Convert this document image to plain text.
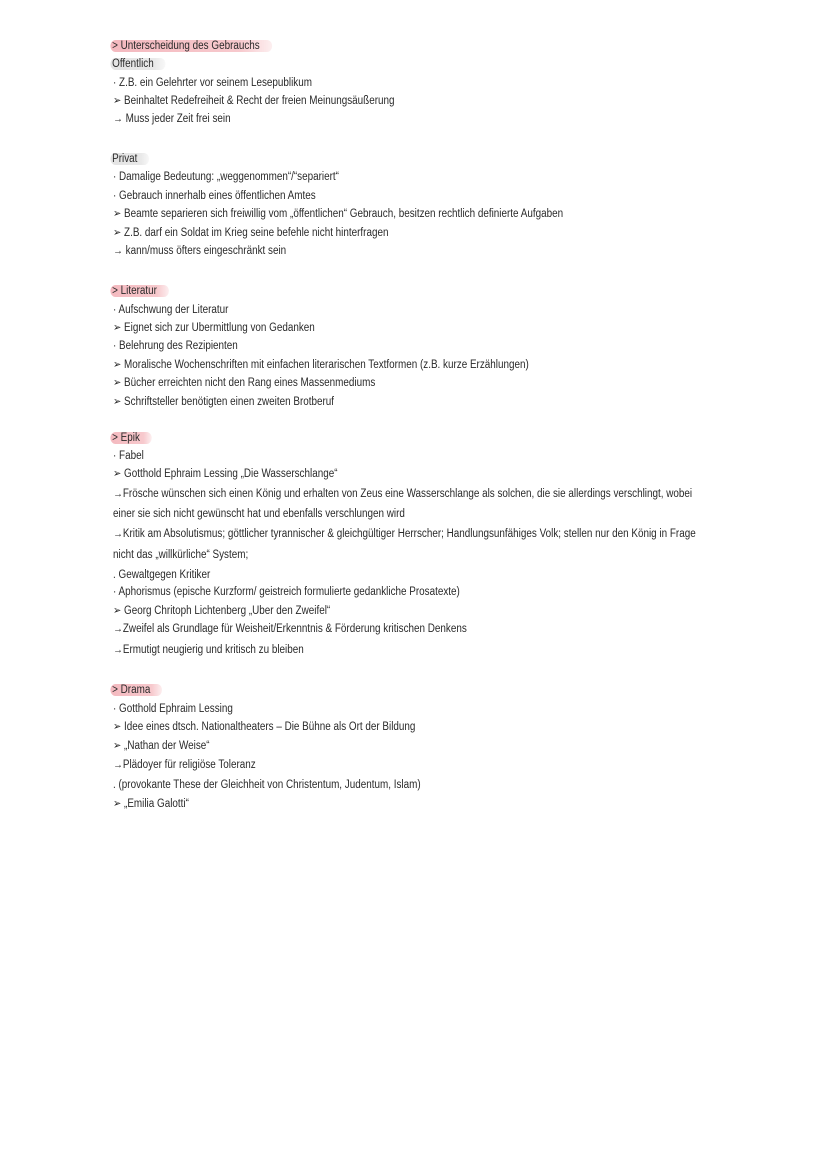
> Unterscheidung des Gebrauchs
Öffentlich
· Z.B. ein Gelehrter vor seinem Lesepublikum
➢ Beinhaltet Redefreiheit & Recht der freien Meinungsäußerung
→ Muss jeder Zeit frei sein
Privat
· Damalige Bedeutung: „weggenommen“/“separiert“
· Gebrauch innerhalb eines öffentlichen Amtes
➢ Beamte separieren sich freiwillig vom „öffentlichen“ Gebrauch, besitzen rechtlich definierte Aufgaben
➢ Z.B. darf ein Soldat im Krieg seine befehle nicht hinterfragen
→ kann/muss öfters eingeschränkt sein
> Literatur
· Aufschwung der Literatur
➢ Eignet sich zur Übermittlung von Gedanken
· Belehrung des Rezipienten
➢ Moralische Wochenschriften mit einfachen literarischen Textformen (z.B. kurze Erzählungen)
➢ Bücher erreichten nicht den Rang eines Massenmediums
➢ Schriftsteller benötigten einen zweiten Brotberuf
> Epik
· Fabel
➢ Gotthold Ephraim Lessing „Die Wasserschlange“
→Frösche wünschen sich einen König und erhalten von Zeus eine Wasserschlange als solchen, die sie allerdings verschlingt, wobei
einer sie sich nicht gewünscht hat und ebenfalls verschlungen wird
→Kritik am Absolutismus; göttlicher tyrannischer & gleichgültiger Herrscher; Handlungsunfähiges Volk; stellen nur den König in Frage
nicht das „willkürliche“ System;
. Gewaltgegen Kritiker
· Aphorismus (epische Kurzform/ geistreich formulierte gedankliche Prosatexte)
➢ Georg Chritoph Lichtenberg „Über den Zweifel“
→Zweifel als Grundlage für Weisheit/Erkenntnis & Förderung kritischen Denkens
→Ermutigt neugierig und kritisch zu bleiben
> Drama
· Gotthold Ephraim Lessing
➢ Idee eines dtsch. Nationaltheaters – Die Bühne als Ort der Bildung
➢ „Nathan der Weise“
→Plädoyer für religiöse Toleranz
. (provokante These der Gleichheit von Christentum, Judentum, Islam)
➢ „Emilia Galotti“
